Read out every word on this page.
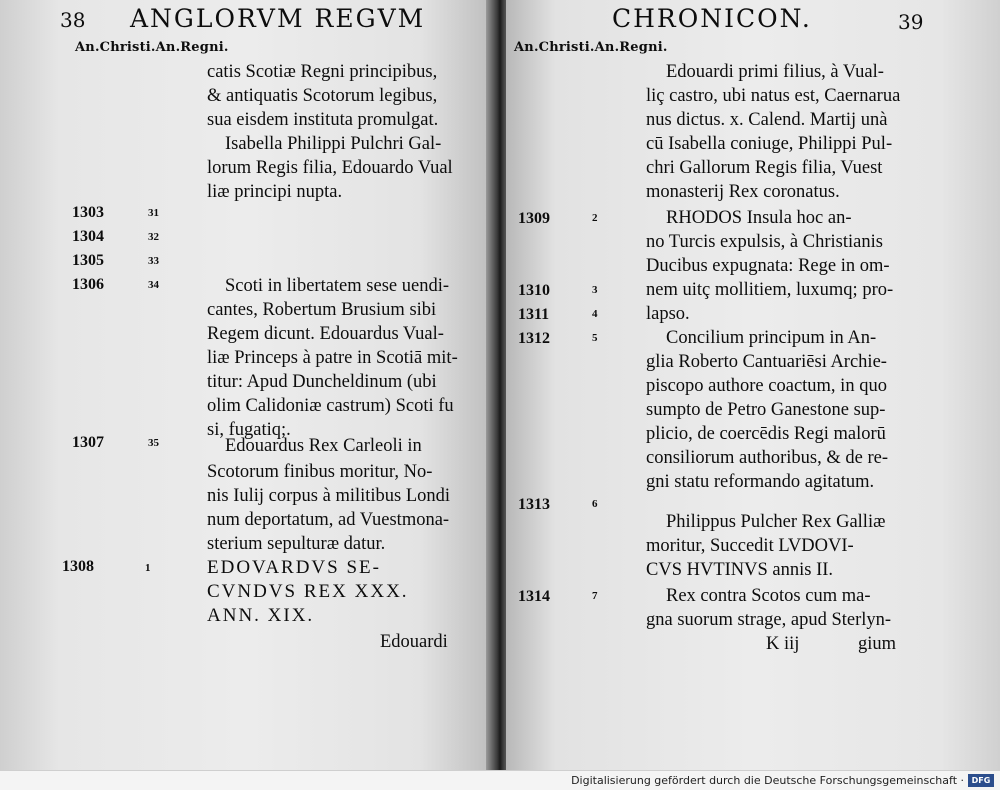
38 ANGLORVM REGVM
An.Christi.An.Regni.
catis Scotiæ Regni principibus,
& antiquatis Scotorum legibus,
sua eisdem instituta promulgat.
Isabella Philippi Pulchri Gal-
lorum Regis filia, Edouardo Vual
liæ principi nupta.
1303	31
1304	32
1305	33
1306	34	Scoti in libertatem sese uendi-
cantes, Robertum Brusium sibi
Regem dicunt. Edouardus Vual-
liæ Princeps à patre in Scotiā mit-
titur: Apud Duncheldinum (ubi
olim Calidoniæ castrum) Scoti fu
si, fugatiq;.
1307	35	Edouardus Rex Carleoli in
Scotorum finibus moritur, No-
nis Iulij corpus à militibus Londi
num deportatum, ad Vuestmona-
sterium sepulturæ datur.
1308	1	EDOVARDVS SE-
CVNDVS REX XXX.
ANN. XIX.
Edouardi
CHRONICON.	39
An.Christi.An.Regni.
Edouardi primi filius, à Vual-
liç castro, ubi natus est, Caernarua
nus dictus. x. Calend. Martij unà
cū Isabella coniuge, Philippi Pul-
chri Gallorum Regis filia, Vuest
monasterij Rex coronatus.
1309	2	RHODOS Insula hoc an-
no Turcis expulsis, à Christianis
Ducibus expugnata: Rege in om-
nem uitç mollitiem, luxumq; pro-
lapso.
1310	3
1311	4
1312	5	Concilium principum in An-
glia Roberto Cantuariēsi Archie-
piscopo authore coactum, in quo
sumpto de Petro Ganestone sup-
plicio, de coercēdis Regi malorū
consiliorum authoribus, & de re-
gni statu reformando agitatum.
1313	6
Philippus Pulcher Rex Galliæ
moritur, Succedit LVDOVI-
CVS HVTINVS annis II.
1314	7	Rex contra Scotos cum ma-
gna suorum strage, apud Sterlyn-
K iij	gium
Digitalisierung gefördert durch die Deutsche Forschungsgemeinschaft · DFG
